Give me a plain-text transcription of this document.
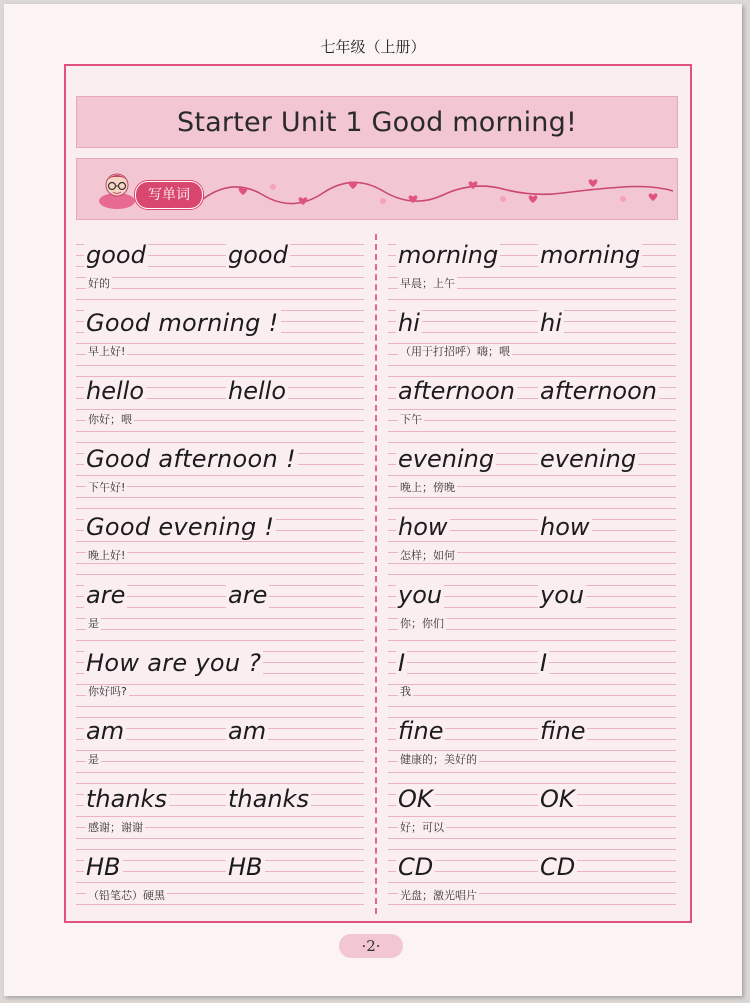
七年级（上册）
Starter Unit 1 Good morning!
写单词
good	good
好的
Good morning !
早上好!
hello	hello
你好；喂
Good afternoon !
下午好!
Good evening !
晚上好!
are	are
是
How are you ?
你好吗?
am	am
是
thanks	thanks
感谢；谢谢
HB	HB
（铅笔芯）硬黑
morning morning
早晨；上午
hi	hi
（用于打招呼）嗨；喂
afternoon afternoon
下午
evening evening
晚上；傍晚
how	how
怎样；如何
you	you
你；你们
I	I
我
fine	fine
健康的；美好的
OK	OK
好；可以
CD	CD
光盘；激光唱片
·2·
